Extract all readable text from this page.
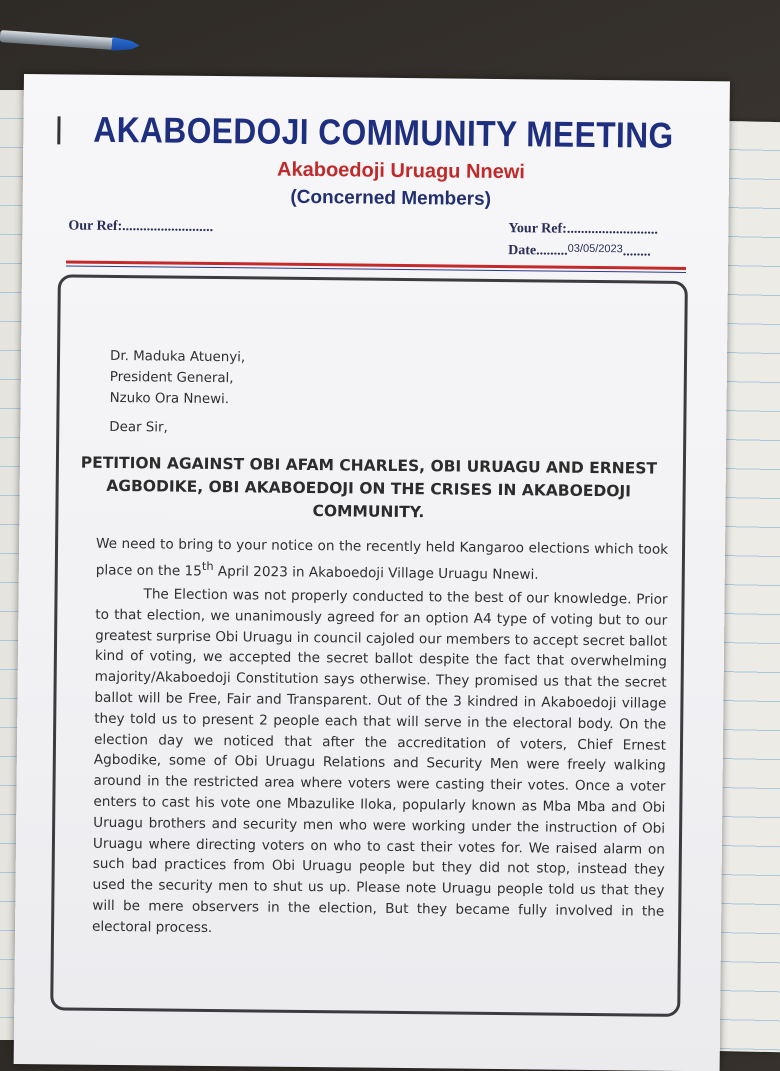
AKABOEDOJI COMMUNITY MEETING
Akaboedoji Uruagu Nnewi
(Concerned Members)
Our Ref:..........................	Your Ref:..........................
Date.........$^{03/05/2023}$........
Dr. Maduka Atuenyi,
President General,
Nzuko Ora Nnewi.
Dear Sir,
PETITION AGAINST OBI AFAM CHARLES, OBI URUAGU AND ERNEST AGBODIKE, OBI AKABOEDOJI ON THE CRISES IN AKABOEDOJI COMMUNITY.
We need to bring to your notice on the recently held Kangaroo elections which took place on the 15th April 2023 in Akaboedoji Village Uruagu Nnewi.
The Election was not properly conducted to the best of our knowledge. Prior to that election, we unanimously agreed for an option A4 type of voting but to our greatest surprise Obi Uruagu in council cajoled our members to accept secret ballot kind of voting, we accepted the secret ballot despite the fact that overwhelming majority/Akaboedoji Constitution says otherwise. They promised us that the secret ballot will be Free, Fair and Transparent. Out of the 3 kindred in Akaboedoji village they told us to present 2 people each that will serve in the electoral body. On the election day we noticed that after the accreditation of voters, Chief Ernest Agbodike, some of Obi Uruagu Relations and Security Men were freely walking around in the restricted area where voters were casting their votes. Once a voter enters to cast his vote one Mbazulike Iloka, popularly known as Mba Mba and Obi Uruagu brothers and security men who were working under the instruction of Obi Uruagu where directing voters on who to cast their votes for. We raised alarm on such bad practices from Obi Uruagu people but they did not stop, instead they used the security men to shut us up. Please note Uruagu people told us that they will be mere observers in the election, But they became fully involved in the electoral process.
